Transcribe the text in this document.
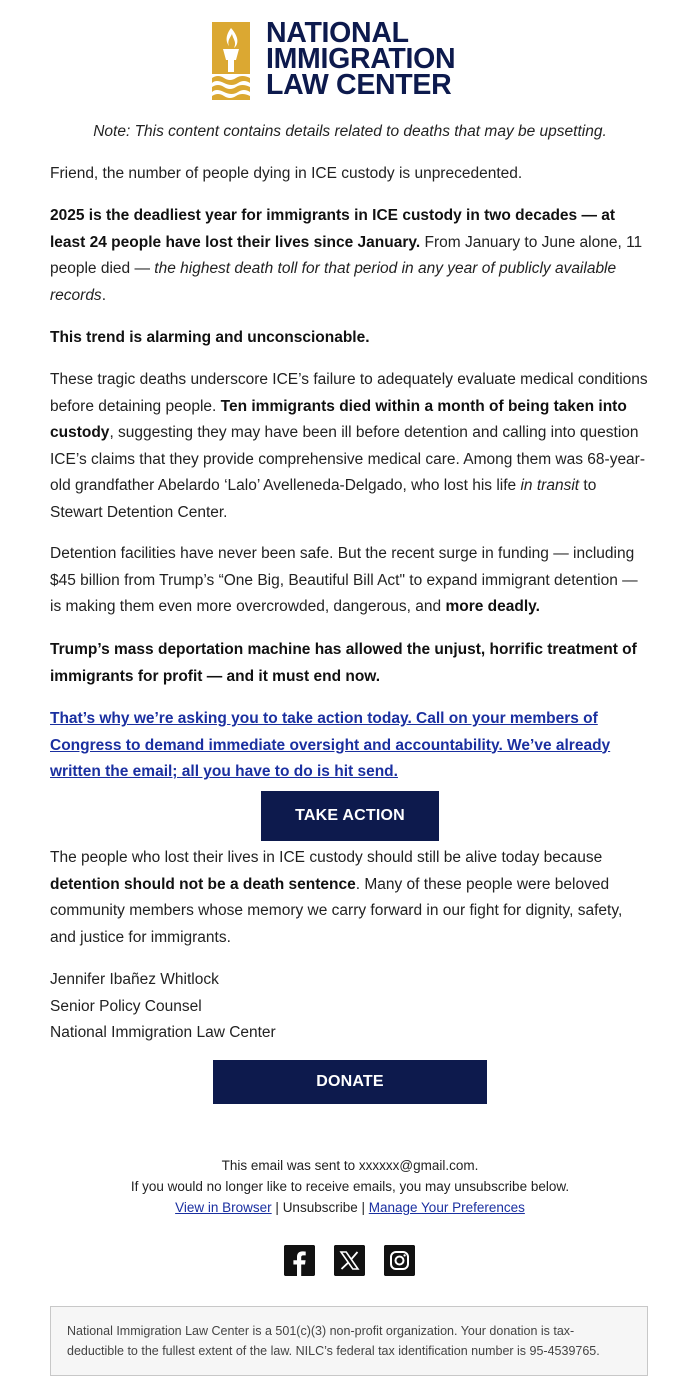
NATIONAL
IMMIGRATION
LAW CENTER
Note: This content contains details related to deaths that may be upsetting.

Friend, the number of people dying in ICE custody is unprecedented.

2025 is the deadliest year for immigrants in ICE custody in two decades — at least 24 people have lost their lives since January. From January to June alone, 11 people died — the highest death toll for that period in any year of publicly available records.

This trend is alarming and unconscionable.

These tragic deaths underscore ICE’s failure to adequately evaluate medical conditions before detaining people. Ten immigrants died within a month of being taken into custody, suggesting they may have been ill before detention and calling into question ICE’s claims that they provide comprehensive medical care. Among them was 68-year-old grandfather Abelardo ‘Lalo’ Avelleneda-Delgado, who lost his life in transit to Stewart Detention Center.

Detention facilities have never been safe. But the recent surge in funding — including $45 billion from Trump’s “One Big, Beautiful Bill Act" to expand immigrant detention — is making them even more overcrowded, dangerous, and more deadly.

Trump’s mass deportation machine has allowed the unjust, horrific treatment of immigrants for profit — and it must end now.

That’s why we’re asking you to take action today. Call on your members of Congress to demand immediate oversight and accountability. We’ve already written the email; all you have to do is hit send.

TAKE ACTION

The people who lost their lives in ICE custody should still be alive today because detention should not be a death sentence. Many of these people were beloved community members whose memory we carry forward in our fight for dignity, safety, and justice for immigrants.

Jennifer Ibañez Whitlock

Senior Policy Counsel

National Immigration Law Center

DONATE
This email was sent to xxxxxx@gmail.com.
If you would no longer like to receive emails, you may unsubscribe below.
View in Browser | Unsubscribe | Manage Your Preferences
National Immigration Law Center is a 501(c)(3) non-profit organization. Your donation is tax-deductible to the fullest extent of the law. NILC’s federal tax identification number is 95-4539765.
